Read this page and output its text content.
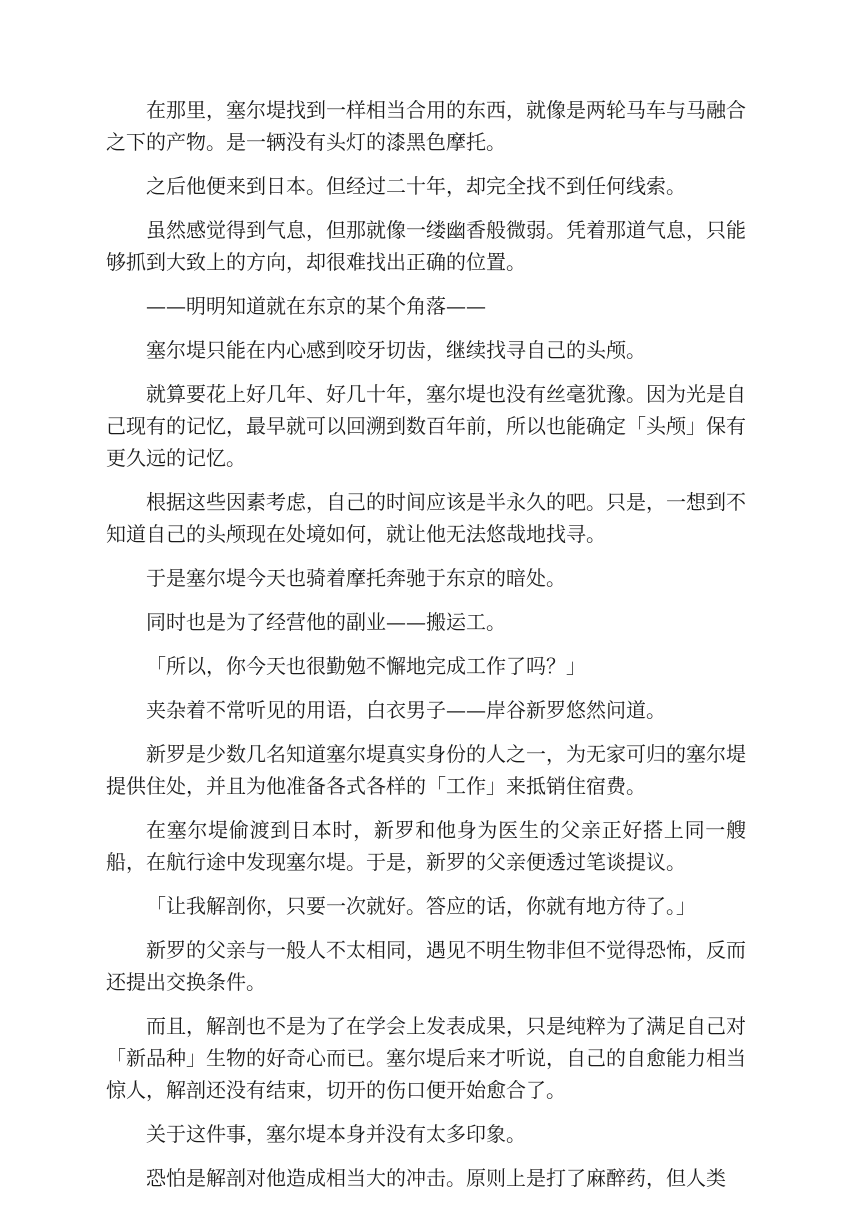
在那里，塞尔堤找到一样相当合用的东西，就像是两轮马车与马融合之下的产物。是一辆没有头灯的漆黑色摩托。

之后他便来到日本。但经过二十年，却完全找不到任何线索。

虽然感觉得到气息，但那就像一缕幽香般微弱。凭着那道气息，只能够抓到大致上的方向，却很难找出正确的位置。

——明明知道就在东京的某个角落——

塞尔堤只能在内心感到咬牙切齿，继续找寻自己的头颅。

就算要花上好几年、好几十年，塞尔堤也没有丝毫犹豫。因为光是自己现有的记忆，最早就可以回溯到数百年前，所以也能确定「头颅」保有更久远的记忆。

根据这些因素考虑，自己的时间应该是半永久的吧。只是，一想到不知道自己的头颅现在处境如何，就让他无法悠哉地找寻。

于是塞尔堤今天也骑着摩托奔驰于东京的暗处。

同时也是为了经营他的副业——搬运工。

「所以，你今天也很勤勉不懈地完成工作了吗？」

夹杂着不常听见的用语，白衣男子——岸谷新罗悠然问道。

新罗是少数几名知道塞尔堤真实身份的人之一，为无家可归的塞尔堤提供住处，并且为他准备各式各样的「工作」来抵销住宿费。

在塞尔堤偷渡到日本时，新罗和他身为医生的父亲正好搭上同一艘船，在航行途中发现塞尔堤。于是，新罗的父亲便透过笔谈提议。

「让我解剖你，只要一次就好。答应的话，你就有地方待了。」

新罗的父亲与一般人不太相同，遇见不明生物非但不觉得恐怖，反而还提出交换条件。

而且，解剖也不是为了在学会上发表成果，只是纯粹为了满足自己对「新品种」生物的好奇心而已。塞尔堤后来才听说，自己的自愈能力相当惊人，解剖还没有结束，切开的伤口便开始愈合了。

关于这件事，塞尔堤本身并没有太多印象。

恐怕是解剖对他造成相当大的冲击。原则上是打了麻醉药，但人类
